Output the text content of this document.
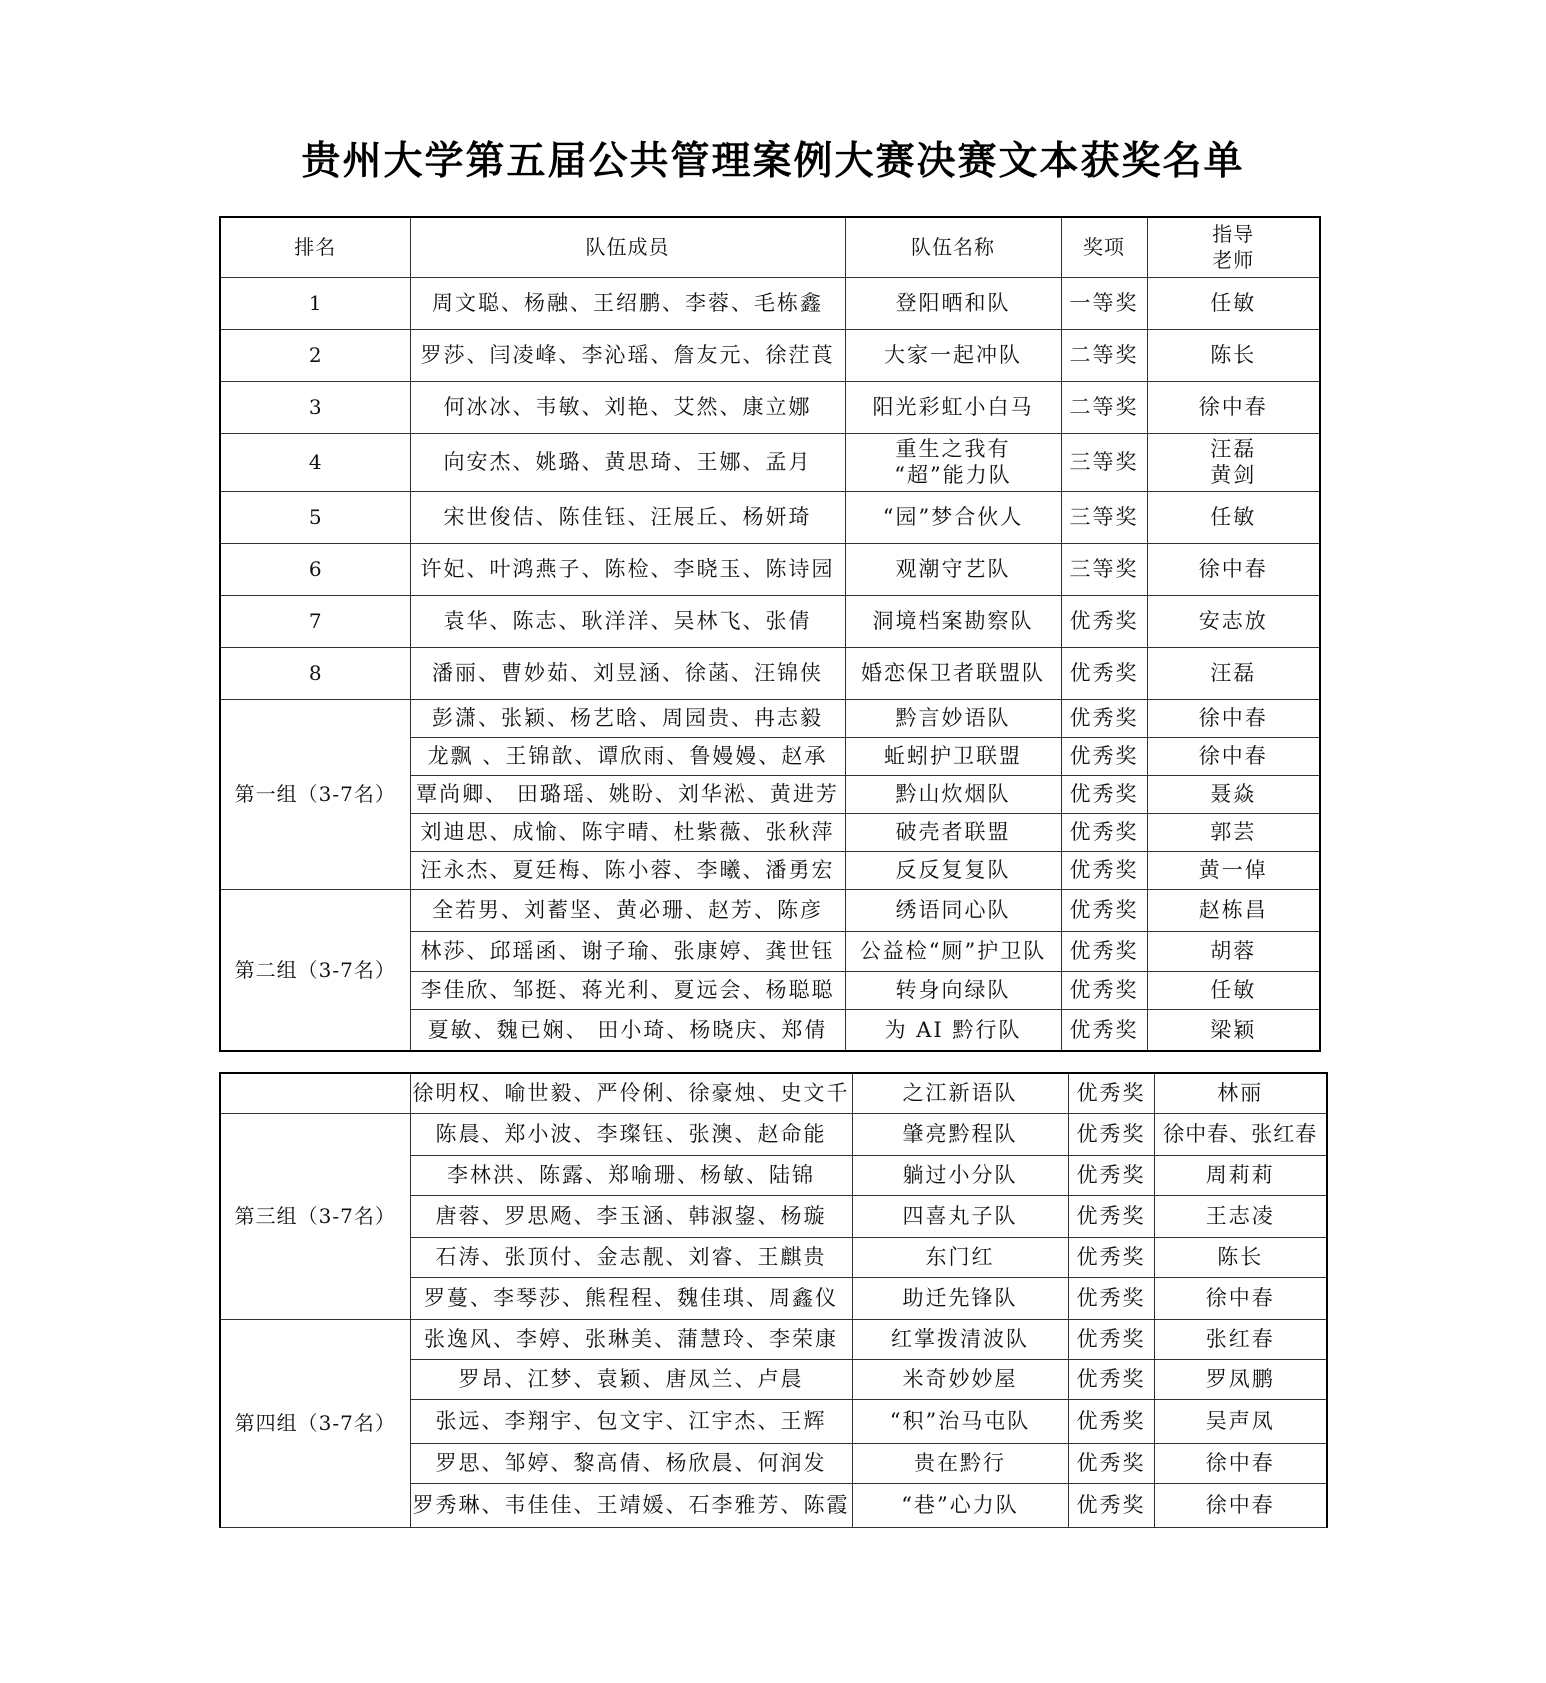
贵州大学第五届公共管理案例大赛决赛文本获奖名单
排名	队伍成员	队伍名称	奖项	指导
老师

1	周文聪、杨融、王绍鹏、李蓉、毛栋鑫	登阳晒和队	一等奖	任敏
2	罗莎、闫凌峰、李沁瑶、詹友元、徐茳莨	大家一起冲队	二等奖	陈长
3	何冰冰、韦敏、刘艳、艾然、康立娜	阳光彩虹小白马	二等奖	徐中春
4	向安杰、姚璐、黄思琦、王娜、孟月	重生之我有
“超”能力队	三等奖	汪磊
黄剑

5	宋世俊佶、陈佳钰、汪展丘、杨妍琦	“园”梦合伙人	三等奖	任敏
6	许妃、叶鸿燕子、陈检、李晓玉、陈诗园	观潮守艺队	三等奖	徐中春
7	袁华、陈志、耿洋洋、吴林飞、张倩	洞境档案勘察队	优秀奖	安志放
8	潘丽、曹妙茹、刘昱涵、徐菡、汪锦侠	婚恋保卫者联盟队	优秀奖	汪磊
第一组（3-7名）	彭潇、张颖、杨艺晗、周园贵、冉志毅	黔言妙语队	优秀奖	徐中春
	龙飘 、王锦歆、谭欣雨、鲁嫚嫚、赵承	蚯蚓护卫联盟	优秀奖	徐中春
	覃尚卿、 田璐瑶、姚盼、刘华淞、黄进芳	黔山炊烟队	优秀奖	聂焱
	刘迪思、成愉、陈宇晴、杜紫薇、张秋萍	破壳者联盟	优秀奖	郭芸
	汪永杰、夏廷梅、陈小蓉、李曦、潘勇宏	反反复复队	优秀奖	黄一倬
第二组（3-7名）	全若男、刘蓄坚、黄必珊、赵芳、陈彦	绣语同心队	优秀奖	赵栋昌
	林莎、邱瑶函、谢子瑜、张康婷、龚世钰	公益检“厕”护卫队	优秀奖	胡蓉
	李佳欣、邹挺、蒋光利、夏远会、杨聪聪	转身向绿队	优秀奖	任敏
	夏敏、魏已娴、 田小琦、杨晓庆、郑倩	为 AI 黔行队	优秀奖	梁颖
	徐明权、喻世毅、严伶俐、徐豪烛、史文千	之江新语队	优秀奖	林丽
第三组（3-7名）	陈晨、郑小波、李璨钰、张澳、赵命能	肇亮黔程队	优秀奖	徐中春、张红春
	李林洪、陈露、郑喻珊、杨敏、陆锦	躺过小分队	优秀奖	周莉莉
	唐蓉、罗思飏、李玉涵、韩淑鋆、杨璇	四喜丸子队	优秀奖	王志凌
	石涛、张顶付、金志靓、刘睿、王麒贵	东门红	优秀奖	陈长
	罗蔓、李琴莎、熊程程、魏佳琪、周鑫仪	助迁先锋队	优秀奖	徐中春
第四组（3-7名）	张逸风、李婷、张琳美、蒲慧玲、李荣康	红掌拨清波队	优秀奖	张红春
	罗昂、江梦、袁颖、唐凤兰、卢晨	米奇妙妙屋	优秀奖	罗凤鹏
	张远、李翔宇、包文宇、江宇杰、王辉	“积”治马屯队	优秀奖	吴声凤
	罗思、邹婷、黎高倩、杨欣晨、何润发	贵在黔行	优秀奖	徐中春
	罗秀琳、韦佳佳、王靖媛、石李雅芳、陈霞	“巷”心力队	优秀奖	徐中春
